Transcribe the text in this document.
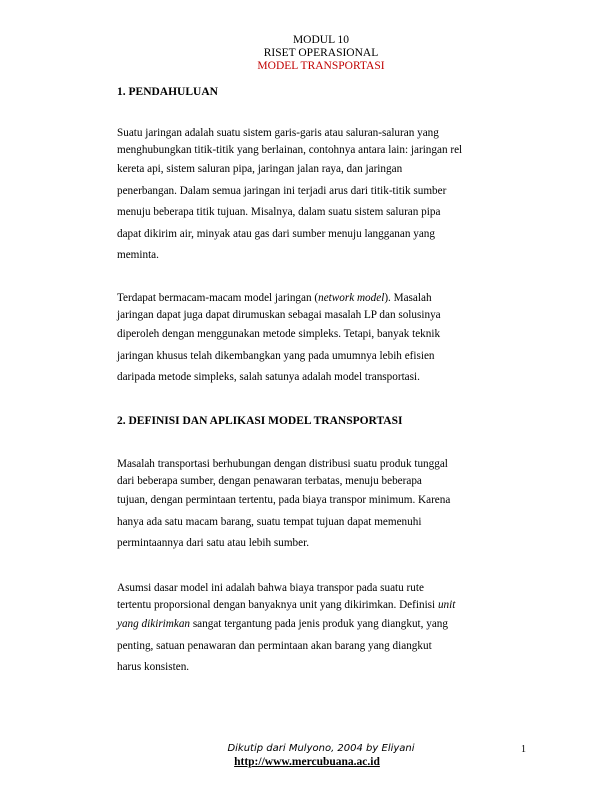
MODUL 10
RISET OPERASIONAL
MODEL TRANSPORTASI
1. PENDAHULUAN
Suatu jaringan adalah suatu sistem garis-garis atau saluran-saluran yang
menghubungkan titik-titik yang berlainan, contohnya antara lain: jaringan rel
kereta api, sistem saluran pipa, jaringan jalan raya, dan jaringan
penerbangan. Dalam semua jaringan ini terjadi arus dari titik-titik sumber
menuju beberapa titik tujuan. Misalnya, dalam suatu sistem saluran pipa
dapat dikirim air, minyak atau gas dari sumber menuju langganan yang
meminta.
Terdapat bermacam-macam model jaringan (network model). Masalah
jaringan dapat juga dapat dirumuskan sebagai masalah LP dan solusinya
diperoleh dengan menggunakan metode simpleks. Tetapi, banyak teknik
jaringan khusus telah dikembangkan yang pada umumnya lebih efisien
daripada metode simpleks, salah satunya adalah model transportasi.
2. DEFINISI DAN APLIKASI MODEL TRANSPORTASI
Masalah transportasi berhubungan dengan distribusi suatu produk tunggal
dari beberapa sumber, dengan penawaran terbatas, menuju beberapa
tujuan, dengan permintaan tertentu, pada biaya transpor minimum. Karena
hanya ada satu macam barang, suatu tempat tujuan dapat memenuhi
permintaannya dari satu atau lebih sumber.
Asumsi dasar model ini adalah bahwa biaya transpor pada suatu rute
tertentu proporsional dengan banyaknya unit yang dikirimkan. Definisi unit
yang dikirimkan sangat tergantung pada jenis produk yang diangkut, yang
penting, satuan penawaran dan permintaan akan barang yang diangkut
harus konsisten.
Dikutip dari Mulyono, 2004 by Eliyani	1
http://www.mercubuana.ac.id
